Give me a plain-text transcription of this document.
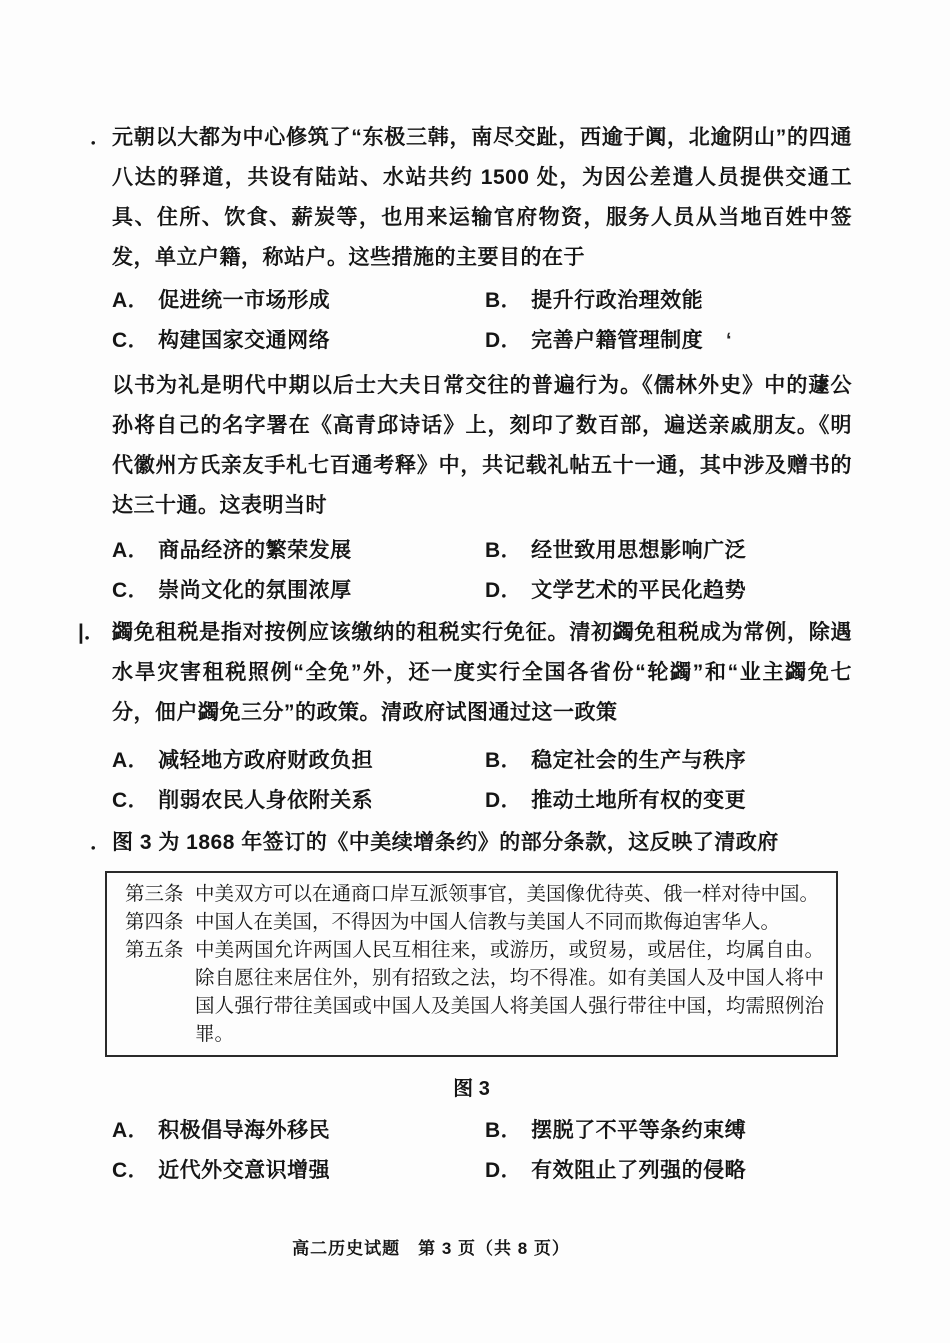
． 元朝以大都为中心修筑了“东极三韩，南尽交趾，西逾于阗，北逾阴山”的四通八达的驿道，共设有陆站、水站共约 1500 处，为因公差遣人员提供交通工具、住所、饮食、薪炭等，也用来运输官府物资，服务人员从当地百姓中签发，单立户籍，称站户。这些措施的主要目的在于

A． 促进统一市场形成	B． 提升行政治理效能
C． 构建国家交通网络	D． 完善户籍管理制度	ʻ

以书为礼是明代中期以后士大夫日常交往的普遍行为。《儒林外史》中的蘧公孙将自己的名字署在《高青邱诗话》上，刻印了数百部，遍送亲戚朋友。《明代徽州方氏亲友手札七百通考释》中，共记载礼帖五十一通，其中涉及赠书的达三十通。这表明当时

A． 商品经济的繁荣发展	B． 经世致用思想影响广泛
C． 崇尚文化的氛围浓厚	D． 文学艺术的平民化趋势
|． 蠲免租税是指对按例应该缴纳的租税实行免征。清初蠲免租税成为常例，除遇水旱灾害租税照例“全免”外，还一度实行全国各省份“轮蠲”和“业主蠲免七分，佃户蠲免三分”的政策。清政府试图通过这一政策

A． 减轻地方政府财政负担	B． 稳定社会的生产与秩序
C． 削弱农民人身依附关系	D． 推动土地所有权的变更
． 图 3 为 1868 年签订的《中美续增条约》的部分条款，这反映了清政府

第三条 中美双方可以在通商口岸互派领事官，美国像优待英、俄一样对待中国。
第四条 中国人在美国，不得因为中国人信教与美国人不同而欺侮迫害华人。
第五条 中美两国允许两国人民互相往来，或游历，或贸易，或居住，均属自由。除自愿往来居住外，别有招致之法，均不得准。如有美国人及中国人将中国人强行带往美国或中国人及美国人将美国人强行带往中国，均需照例治罪。
图 3
A． 积极倡导海外移民	B． 摆脱了不平等条约束缚
C． 近代外交意识增强	D． 有效阻止了列强的侵略
高二历史试题　第 3 页（共 8 页）
